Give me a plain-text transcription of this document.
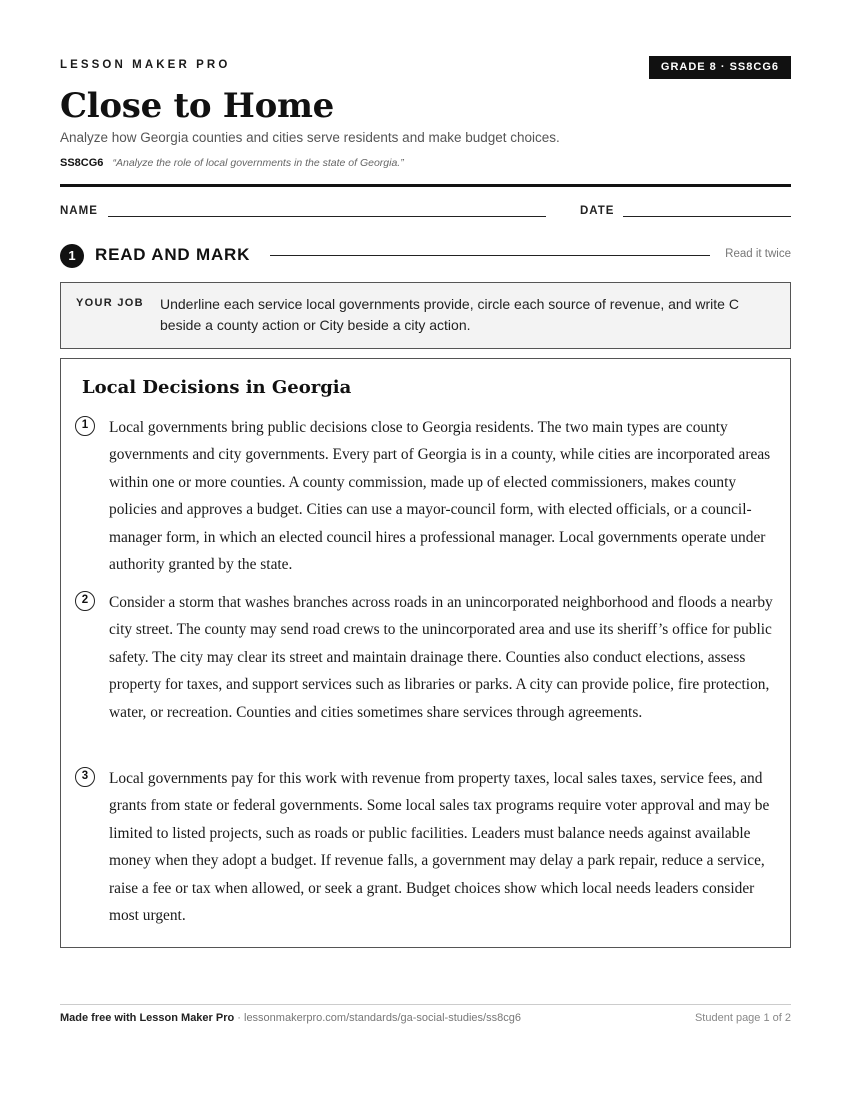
LESSON MAKER PRO	GRADE 8 · SS8CG6
Close to Home
Analyze how Georgia counties and cities serve residents and make budget choices.
SS8CG6 “Analyze the role of local governments in the state of Georgia.”
NAME	DATE
1	READ AND MARK	Read it twice
YOUR JOB Underline each service local governments provide, circle each source of revenue, and write C beside a county action or City beside a city action.
Local Decisions in Georgia
1	Local governments bring public decisions close to Georgia residents. The two main types are county governments and city governments. Every part of Georgia is in a county, while cities are incorporated areas within one or more counties. A county commission, made up of elected commissioners, makes county policies and approves a budget. Cities can use a mayor-council form, with elected officials, or a council-manager form, in which an elected council hires a professional manager. Local governments operate under authority granted by the state.
2	Consider a storm that washes branches across roads in an unincorporated neighborhood and floods a nearby city street. The county may send road crews to the unincorporated area and use its sheriff’s office for public safety. The city may clear its street and maintain drainage there. Counties also conduct elections, assess property for taxes, and support services such as libraries or parks. A city can provide police, fire protection, water, or recreation. Counties and cities sometimes share services through agreements.
3	Local governments pay for this work with revenue from property taxes, local sales taxes, service fees, and grants from state or federal governments. Some local sales tax programs require voter approval and may be limited to listed projects, such as roads or public facilities. Leaders must balance needs against available money when they adopt a budget. If revenue falls, a government may delay a park repair, reduce a service, raise a fee or tax when allowed, or seek a grant. Budget choices show which local needs leaders consider most urgent.
Made free with Lesson Maker Pro · lessonmakerpro.com/standards/ga-social-studies/ss8cg6	Student page 1 of 2
